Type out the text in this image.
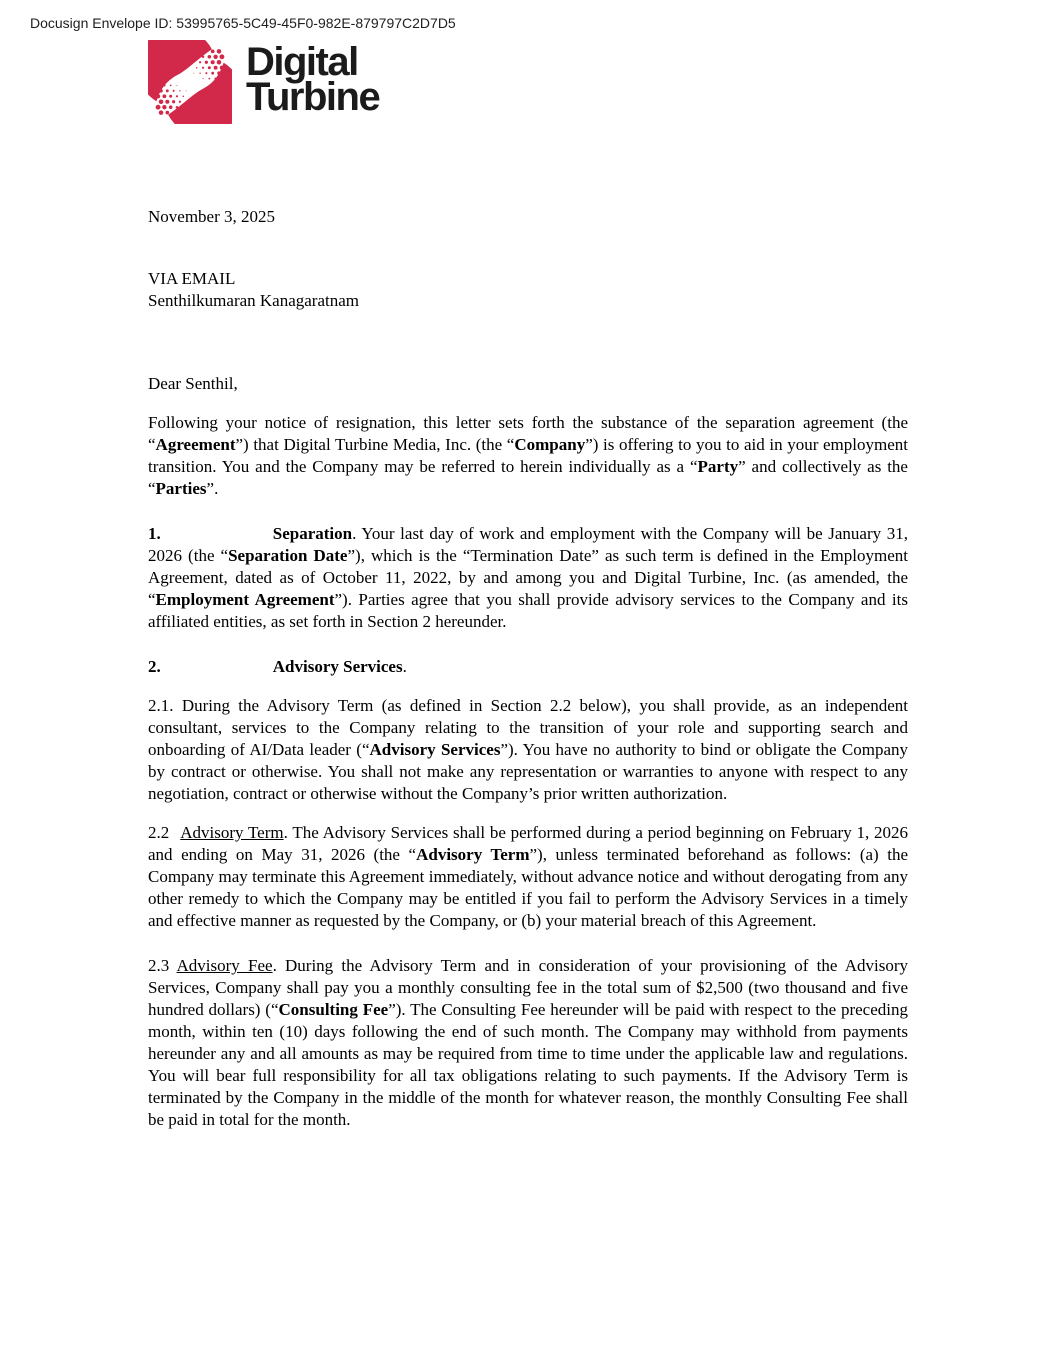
Docusign Envelope ID: 53995765-5C49-45F0-982E-879797C2D7D5
Digital
Turbine
November 3, 2025
VIA EMAIL
Senthilkumaran Kanagaratnam
Dear Senthil,

Following your notice of resignation, this letter sets forth the substance of the separation agreement (the “Agreement”) that Digital Turbine Media, Inc. (the “Company”) is offering to you to aid in your employment transition. You and the Company may be referred to herein individually as a “Party” and collectively as the “Parties”.

1.	Separation. Your last day of work and employment with the Company will be January 31, 2026 (the “Separation Date”), which is the “Termination Date” as such term is defined in the Employment Agreement, dated as of October 11, 2022, by and among you and Digital Turbine, Inc. (as amended, the “Employment Agreement”). Parties agree that you shall provide advisory services to the Company and its affiliated entities, as set forth in Section 2 hereunder.

2.	Advisory Services.

2.1. During the Advisory Term (as defined in Section 2.2 below), you shall provide, as an independent consultant, services to the Company relating to the transition of your role and supporting search and onboarding of AI/Data leader (“Advisory Services”). You have no authority to bind or obligate the Company by contract or otherwise. You shall not make any representation or warranties to anyone with respect to any negotiation, contract or otherwise without the Company’s prior written authorization.

2.2 Advisory Term. The Advisory Services shall be performed during a period beginning on February 1, 2026 and ending on May 31, 2026 (the “Advisory Term”), unless terminated beforehand as follows: (a) the Company may terminate this Agreement immediately, without advance notice and without derogating from any other remedy to which the Company may be entitled if you fail to perform the Advisory Services in a timely and effective manner as requested by the Company, or (b) your material breach of this Agreement.

2.3 Advisory Fee. During the Advisory Term and in consideration of your provisioning of the Advisory Services, Company shall pay you a monthly consulting fee in the total sum of $2,500 (two thousand and five hundred dollars) (“Consulting Fee”). The Consulting Fee hereunder will be paid with respect to the preceding month, within ten (10) days following the end of such month. The Company may withhold from payments hereunder any and all amounts as may be required from time to time under the applicable law and regulations. You will bear full responsibility for all tax obligations relating to such payments. If the Advisory Term is terminated by the Company in the middle of the month for whatever reason, the monthly Consulting Fee shall be paid in total for the month.
